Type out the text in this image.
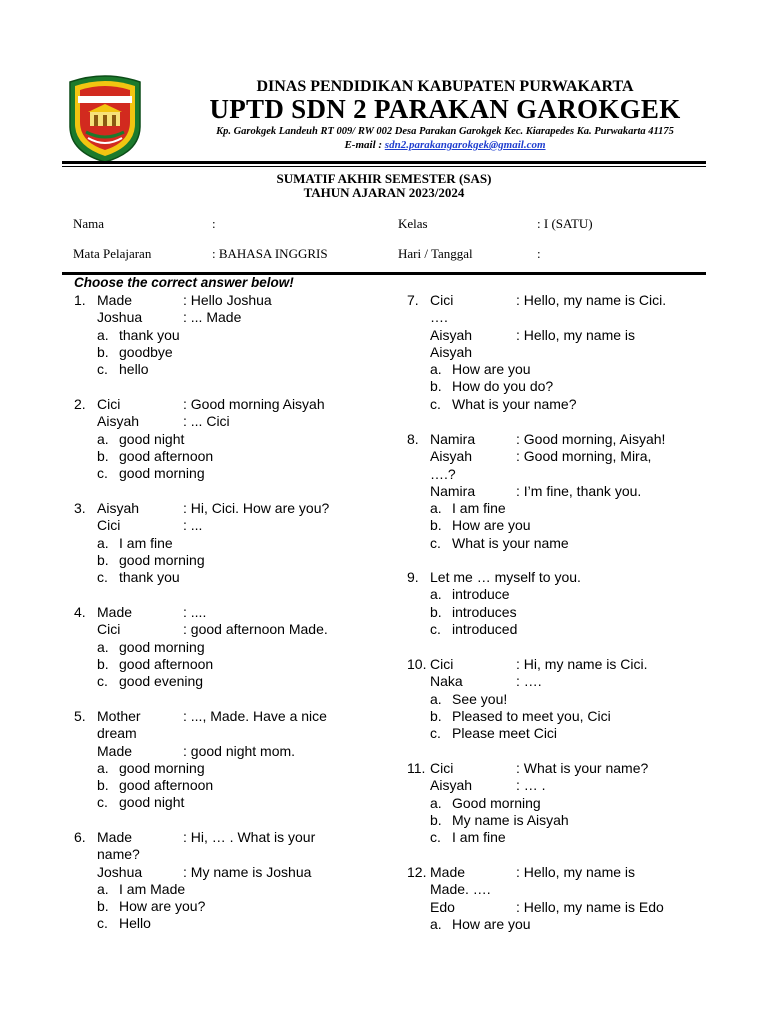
DINAS PENDIDIKAN KABUPATEN PURWAKARTA
UPTD SDN 2 PARAKAN GAROKGEK
Kp. Garokgek Landeuh RT 009/ RW 002 Desa Parakan Garokgek Kec. Kiarapedes Ka. Purwakarta 41175
E-mail : sdn2.parakangarokgek@gmail.com
SUMATIF AKHIR SEMESTER (SAS)
TAHUN AJARAN 2023/2024
Nama	:	Kelas	: I (SATU)
Mata Pelajaran	: BAHASA INGGRIS	Hari / Tanggal	:
Choose the correct answer below!
1. Made	: Hello Joshua
Joshua	: ... Made
a. thank you
b. goodbye
c. hello
2. Cici	: Good morning Aisyah
Aisyah	: ... Cici
a. good night
b. good afternoon
c. good morning
3. Aisyah	: Hi, Cici. How are you?
Cici	: ...
a. I am fine
b. good morning
c. thank you
4. Made	: ....
Cici	: good afternoon Made.
a. good morning
b. good afternoon
c. good evening
5. Mother	: ..., Made. Have a nice
dream
Made	: good night mom.
a. good morning
b. good afternoon
c. good night
6. Made	: Hi, … . What is your
name?
Joshua	: My name is Joshua
a. I am Made
b. How are you?
c. Hello
7. Cici	: Hello, my name is Cici.
….
Aisyah	: Hello, my name is
Aisyah
a. How are you
b. How do you do?
c. What is your name?
8. Namira	: Good morning, Aisyah!
Aisyah	: Good morning, Mira,
….?
Namira	: I’m fine, thank you.
a. I am fine
b. How are you
c. What is your name
9. Let me … myself to you.
a. introduce
b. introduces
c. introduced
10. Cici	: Hi, my name is Cici.
Naka	: ….
a. See you!
b. Pleased to meet you, Cici
c. Please meet Cici
11. Cici	: What is your name?
Aisyah	: … .
a. Good morning
b. My name is Aisyah
c. I am fine
12. Made	: Hello, my name is
Made. ….
Edo	: Hello, my name is Edo
a. How are you
